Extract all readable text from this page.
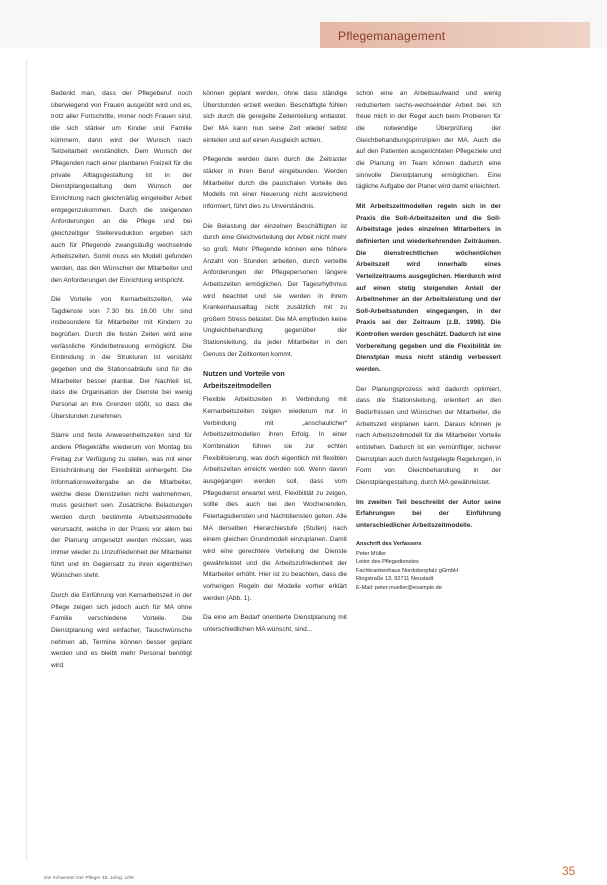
Pflegemanagement

Bedenkt man, dass der Pflegeberuf noch überwiegend von Frauen ausgeübt wird und es, trotz aller Fortschritte, immer noch Frauen sind, die sich stärker um Kinder und Familie kümmern, dann wird der Wunsch nach Teilzeitarbeit verständlich. Dem Wunsch der Pflegenden nach einer planbaren Freizeit für die private Alltagsgestaltung ist in der Dienstplangestaltung dem Wunsch der Einrichtung nach gleichmäßig eingeteilter Arbeit entgegenzukommen. Durch die steigenden Anforderungen an die Pflege und bei gleichzeitiger Stellenreduktion ergeben sich auch für Pflegende zwangsläufig wechselnde Arbeitszeiten. Somit muss ein Modell gefunden werden, das den Wünschen der Mitarbeiter und den Anforderungen der Einrichtung entspricht.

Die Vorteile von Kernarbeitszeiten, wie Tagdienste von 7.30 bis 16.00 Uhr sind insbesondere für Mitarbeiter mit Kindern zu begrüßen. Durch die festen Zeiten wird eine verlässliche Kinderbetreuung ermöglicht. Die Einbindung in die Strukturen ist verstärkt gegeben und die Stationsabläufe sind für die Mitarbeiter besser planbar. Der Nachteil ist, dass die Organisation der Dienste bei wenig Personal an ihre Grenzen stößt, so dass die Überstunden zunehmen.

Starre und feste Anwesenheitszeiten sind für andere Pflegekräfte wiederum von Montag bis Freitag zur Verfügung zu stellen, was mit einer Einschränkung der Flexibilität einhergeht. Die Informationsweitergabe an die Mitarbeiter, welche diese Dienstzeiten nicht wahrnehmen, muss gesichert sein. Zusätzliche Belastungen werden durch bestimmte Arbeitszeitmodelle verursacht, welche in der Praxis vor allem bei der Planung umgesetzt werden müssen, was immer wieder zu Unzufriedenheit der Mitarbeiter führt und im Gegensatz zu ihren eigentlichen Wünschen steht.

Durch die Einführung von Kernarbeitszeit in der Pflege zeigen sich jedoch auch für MA ohne Familie verschiedene Vorteile. Die Dienstplanung wird einfacher, Tauschwünsche nehmen ab, Termine können besser geplant werden und es bleibt mehr Personal benötigt wird.

können geplant werden, ohne dass ständige Überstunden erzielt werden. Beschäftigte fühlen sich durch die geregelte Zeiteinteilung entlastet. Der MA kann nun seine Zeit wieder selbst einteilen und auf einen Ausgleich achten.

Pflegende werden dann durch die Zeitraster stärker in ihren Beruf eingebunden. Werden Mitarbeiter durch die pauschalen Vorteile des Modells mit einer Neuerung nicht ausreichend informiert, führt dies zu Unverständnis.

Die Belastung der einzelnen Beschäftigten ist durch eine Gleichverteilung der Arbeit nicht mehr so groß. Mehr Pflegende können eine höhere Anzahl von Stunden arbeiten, durch verteilte Anforderungen der Pflegepersonen längere Arbeitszeiten ermöglichen. Der Tagesrhythmus wird beachtet und sie werden in ihrem Krankenhausalltag nicht zusätzlich mit zu großem Stress belastet. Die MA empfinden keine Ungleichbehandlung gegenüber der Stationsleitung, da jeder Mitarbeiter in den Genuss der Zeitkonten kommt.

Nutzen und Vorteile von Arbeitszeitmodellen

Flexible Arbeitszeiten in Verbindung mit Kernarbeitszeiten zeigen wiederum nur in Verbindung mit „anschaulicher“ Arbeitszeitmodellen ihren Erfolg. In einer Kombination führen sie zur echten Flexibilisierung, was doch eigentlich mit flexiblen Arbeitszeiten erreicht werden soll. Wenn davon ausgegangen werden soll, dass vom Pflegedienst erwartet wird, Flexibilität zu zeigen, sollte dies auch bei den Wochenenden, Feiertagsdiensten und Nachtdiensten gelten. Alle MA derselben Hierarchiestufe (Stufen) nach einem gleichen Grundmodell einzuplanen. Damit wird eine gerechtere Verteilung der Dienste gewährleistet und die Arbeitszufriedenheit der Mitarbeiter erhöht. Hier ist zu beachten, dass die vorherigen Regeln der Modelle vorher erklärt werden (Abb. 1).

Da eine am Bedarf orientierte Dienstplanung mit unterschiedlichen MA wünscht, sind...

schon eine an Arbeitsaufwand und wenig reduziertem sechs-wechselnder Arbeit bei. Ich freue mich in der Regel auch beim Probieren für die notwendige Überprüfung der Gleichbehandlungsprinzipien der MA. Auch die auf den Patienten ausgerichteten Pflegeziele und die Planung im Team können dadurch eine sinnvolle Dienstplanung ermöglichen. Eine tägliche Aufgabe der Planer wird damit erleichtert.

Mit Arbeitszeitmodellen regeln sich in der Praxis die Soll-Arbeitszeiten und die Soll-Arbeitstage jedes einzelnen Mitarbeiters in definierten und wiederkehrenden Zeiträumen. Die dienstrechtlichen wöchentlichen Arbeitszeit wird innerhalb eines Verteilzeitraums ausgeglichen. Hierdurch wird auf einen stetig steigenden Anteil der Arbeitnehmer an der Arbeitsleistung und der Soll-Arbeitsstunden eingegangen, in der Praxis sei der Zeitraum (z.B. 1998). Die Kontrollen werden geschätzt. Dadurch ist eine Vorbereitung gegeben und die Flexibilität im Dienstplan muss nicht ständig verbessert werden.

Der Planungsprozess wird dadurch optimiert, dass die Stationsleitung, orientiert an den Bedürfnissen und Wünschen der Mitarbeiter, die Arbeitszeit einplanen kann. Daraus können je nach Arbeitszeitmodell für die Mitarbeiter Vorteile entstehen. Dadurch ist ein vernünftiger, sicherer Dienstplan auch durch festgelegte Regelungen, in Form von Gleichbehandlung in der Dienstplangestaltung, durch MA gewährleistet.

Im zweiten Teil beschreibt der Autor seine Erfahrungen bei der Einführung unterschiedlicher Arbeitszeitmodelle.

Anschrift des Verfassers
Peter Müller
Leiter des Pflegedienstes
Fachkrankenhaus Nordoberpfalz gGmbH
Ringstraße 13, 92711 Neustadt
E-Mail: peter.mueller@example.de
Die Schwester Der Pfleger 48. Jahrg. 1/09
35
